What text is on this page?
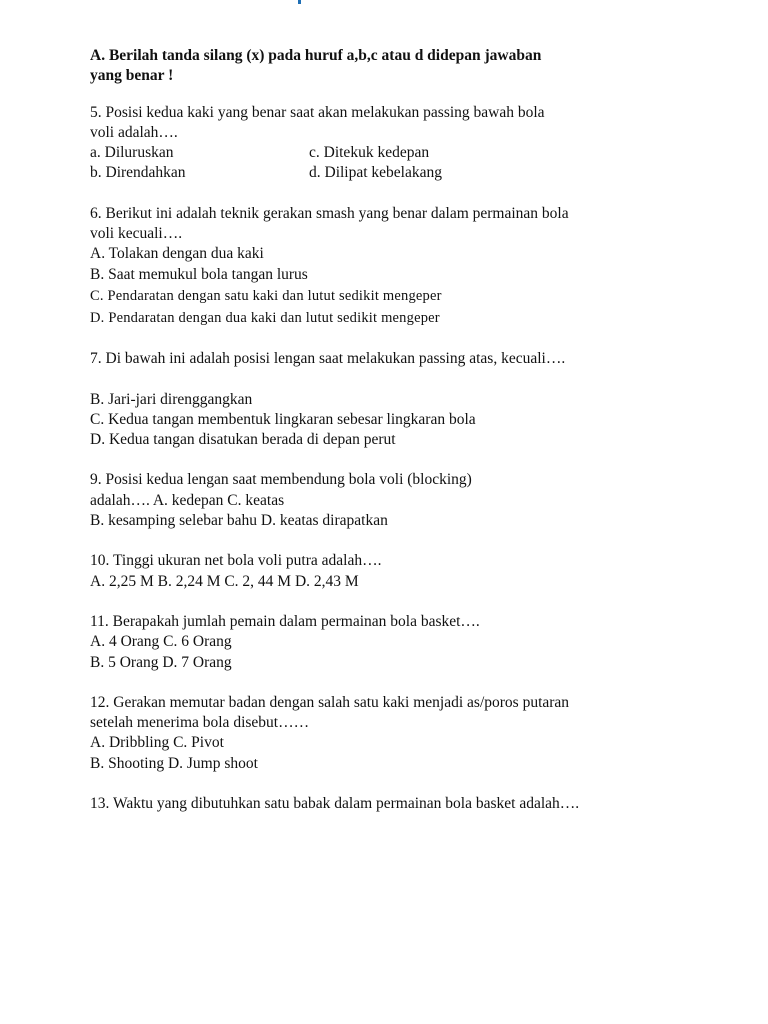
A. Berilah tanda silang (x) pada huruf a,b,c atau d didepan jawaban
yang benar !
5. Posisi kedua kaki yang benar saat akan melakukan passing bawah bola
voli adalah….
a. Diluruskan	c. Ditekuk kedepan
b. Direndahkan	d. Dilipat kebelakang
6. Berikut ini adalah teknik gerakan smash yang benar dalam permainan bola
voli kecuali….
A. Tolakan dengan dua kaki
B. Saat memukul bola tangan lurus
C. Pendaratan dengan satu kaki dan lutut sedikit mengeper
D. Pendaratan dengan dua kaki dan lutut sedikit mengeper
7. Di bawah ini adalah posisi lengan saat melakukan passing atas, kecuali….

B. Jari-jari direnggangkan
C. Kedua tangan membentuk lingkaran sebesar lingkaran bola
D. Kedua tangan disatukan berada di depan perut
9. Posisi kedua lengan saat membendung bola voli (blocking)
adalah…. A. kedepan C. keatas
B. kesamping selebar bahu D. keatas dirapatkan
10. Tinggi ukuran net bola voli putra adalah….
A. 2,25 M B. 2,24 M C. 2, 44 M D. 2,43 M
11. Berapakah jumlah pemain dalam permainan bola basket….
A. 4 Orang C. 6 Orang
B. 5 Orang D. 7 Orang
12. Gerakan memutar badan dengan salah satu kaki menjadi as/poros putaran
setelah menerima bola disebut……
A. Dribbling C. Pivot
B. Shooting D. Jump shoot
13. Waktu yang dibutuhkan satu babak dalam permainan bola basket adalah….
